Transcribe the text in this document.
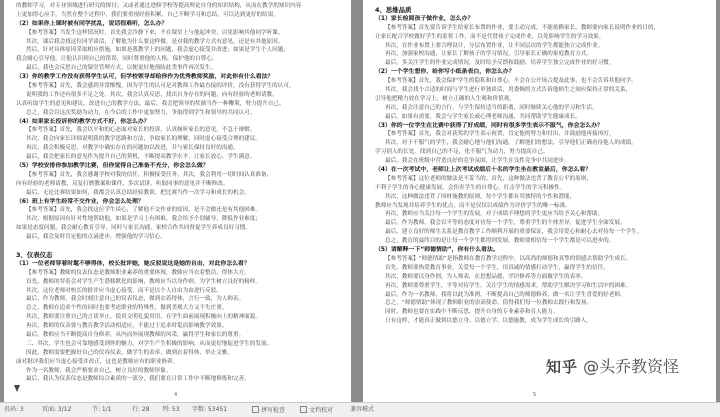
的教师学习，对专业领域进行研究的探讨；又或者通过进修学校等提高理论自身的知识结构，从而在教学的知识内容
上更加得心应手。当然在整个过程中，我们要重视经验积累，自己不断学习和总结，可以达到更好的结果。
（2）如果你上课时被有同学扰乱，说话很难听，怎么办？
【参考答案】当发生这样情况时，首先我会冷静下来，不在课堂上与他起冲突，以免影响其他同学听课。
其次，课后我会找这位同学谈话，了解他为什么要这样做，是对我的教学方式有意见，还是有其他原因。
然后，针对具体原因采取相应措施，如果是我教学上的问题，我会虚心接受并改进；如果是学生个人问题，
我会耐心引导他，让他认识到自己的错误，同时尊重他的人格，保护他的自尊心。
最后，我也会反思自己的课堂管理方式，以便更好地预防此类事件再次发生。
（3）你的教学工作没有获得学生认可，但学校领导却给你作为优秀教师奖励，对此你有什么看法？
【参考答案】首先，我会感到非常惭愧，因为学生的认可是对教师工作最直接的评价，没有获得学生的认可，
说明我的工作还有很多不足之处。其次，我会认真反思，找出自身存在的问题，向有经验的老师请教，
认真听取学生的意见和建议，改进自己的教学方法。最后，我会把领导的奖励当作一种鞭策，努力提升自己。
总之，我会以这次奖励为动力，在今后的工作中更加努力，争取得到学生和领导的共同认可。
（4）如果家长投诉你的教学方式不好，你怎么办？
【参考答案】首先，我会以平和的心态面对家长的投诉，认真倾听家长的意见，不急于辩解。
其次，我会向家长详细说明我的教学思路和方法，争取家长的理解，同时虚心接受合理的建议。
再次，我会积极反思，对教学中确实存在的问题加以改进，并与家长保持良好的沟通。
最后，我会把家长的意见作为提升自己的契机，不断提高教学水平，让家长放心、学生满意。
（5）学校安排你参加教学比赛，但你觉得自己准备不充分，你会怎么做？
【参考答案】首先，我会感谢学校对我的信任，积极接受任务。其次，我会利用一切时间认真准备，
向有经验的老师请教，反复打磨教案和课件，多次试讲，听取同事的意见并不断修改。
最后，无论比赛结果如何，我都会认真总结经验教训，把比赛当作一次学习和成长的机会。
（6）班上有学生经常不交作业，你会怎么处理？
【参考答案】首先，我会找这位学生谈心，了解他不交作业的原因，是不会做还是有其他困难。
其次，根据原因有针对性地帮助他，如果是学习上有困难，我会给予个别辅导，降低作业难度；
如果是态度问题，我会耐心教育引导，同时与家长沟通，家校合作共同督促学生养成良好习惯。
最后，我会及时肯定他的点滴进步，增强他的学习信心。
3、仪表仪态
（1）一位老师穿着时髦不够得体，校长批评她，她反驳说这是她的自由，对此你怎么看？
【参考答案】教师的仪表仪态是教师职业素养的重要体现，教师应当衣着整洁、得体大方。
首先，教师的穿着会对学生产生潜移默化的影响，教师应当以身作则，为学生树立良好的榜样。
其次，这位老师对校长的批评应当虚心接受，而不是以个人自由为由进行反驳。
最后，作为教师，我会时刻注意自己的仪表仪态，做到衣着得体，言行一致，为人师表。
总之，教师在追求个性的同时也要考虑职业的特殊性，做到美观大方又不失庄重。
其次，教师要注重自己的言谈举止，使用文明礼貌用语，在学生面前展现积极向上的精神面貌。
再次，教师的仪表要与教育教学活动相适应，不能过于追求时髦而影响教学效果。
最后，教师应当不断提高自身修养，从内而外展现教师的风采，赢得学生和家长的尊重。
三、其次，学生也会可靠地感受到你的魅力，对学生产生积极的影响，从而更好地促进学生的发展。
因此，教师需要把握好自己的仪容仪表，做学生的表率，做到衣着得体、举止文雅。
面对批评我们应当虚心接受并改正，这也是教师应有的职业修养。
作为一名教师，我会严格要求自己，树立良好的教师形象。
最后，我认为仪表仪态是教师综合素质的一部分，我们要在日常工作中不断地修炼和完善。
4
4、思维品质
（1）家长检阅孩子做作业，怎么办？
【参考答案】首先要告诉学生给家长布置的作业，要主动完成，不能依赖家长。教师要向家长说明作业的目的，
让家长配合学校做好学生的监督工作，而不是代替孩子完成作业，以免影响学生的学习效果。
其次，在作业布置上要合理设计，分层布置作业，让不同层次的学生都能独立完成作业。
再次，加强家校沟通，让家长了解孩子的学习情况，引导家长正确的家庭教育方式。
最后，多关注学生的作业完成情况，及时给予反馈和鼓励，培养学生独立完成作业的好习惯。
（2）一个学生想你，给你写小纸条表白，你怎么办？
【参考答案】首先，我会保护学生的隐私和自尊心，不会在公开场合提及此事，也不会告诉其他同学。
其次，我会找个合适的时间与学生进行单独谈话，用委婉的方式告诉他师生之间应保持正常的关系，
引导他把精力放在学习上，树立正确的人生观和价值观。
再次，我会注意自己的言行，与学生保持适当的距离，同时继续关心他的学习和生活。
最后，如果有需要，我会与学生家长或心理老师沟通，共同帮助学生健康成长。
（3）你的一位学生在比赛中获得了好成绩，同时有很多学生表示不服气，你会怎么办？
【参考答案】首先，我会对获奖的学生表示祝贺，肯定他的努力和付出，并鼓励他再接再厉。
其次，对于不服气的学生，我会耐心地与他们沟通，了解他们的想法，引导他们正确看待他人的成绩，
学习别人的长处，找到自己的不足，化不服气为动力，努力提高自己。
最后，我会在班级中营造良好的竞争氛围，让学生在良性竞争中共同进步。
（4）在一次考试中，老师让上次考试成绩后十名的学生坐在教室最后，你怎么看？
【参考答案】这位老师的做法是不妥当的。首先，这种做法违背了教育公平的原则，
不利于学生的身心健康发展，会伤害学生的自尊心，打击学生的学习积极性。
其次，这种做法违背了因材施教的原则，每个学生都有其独特的个性和潜能，
教师应当发现并培养学生的优点，而不是仅仅以成绩作为评价学生的唯一标准。
再次，教师应当关注每一个学生的发展，对于成绩不理想的学生更应当给予关心和帮助。
最后，作为教师，我会以平等的态度对待每一个学生，尊重学生的个体差异，促进学生全面发展。
最后，建立良好的师生关系是教育教学工作顺利开展的重要保证，我会用爱心和耐心去对待每一个学生。
总之，教育的最终目的是让每一个学生都得到发展，教师要相信每一个学生都是可以进步的。
（5）请解释一下“师德情助”，你有什么看法。
【参考答案】“师德情助”是指教师在教育教学过程中，以高尚的师德和真挚的情感去帮助学生成长。
首先，教师要热爱教育事业，关爱每一个学生，用真诚的情感打动学生，赢得学生的信任。
其次，教师要以身作则，为人师表，在思想品德、学识修养等方面做学生的表率。
再次，教师要尊重学生，平等对待学生，关注学生的情感需求，帮助学生解决学习和生活中的困难。
最后，作为一名教师，我将以此为准则，不断提高自己的师德修养，做一名让学生喜爱的好老师。
总之，“师德情助”体现了教师职业的崇高使命，值得我们每一位教师去践行和发扬。
同时，教师也要在实践中不断反思，提升自身的专业素养和育人能力。
只有这样，才能真正做到以德立身、以德立学、以德施教，成为学生成长的引路人。
5
知乎 @头乔教资怪
页码: 3	页面: 3/12	节: 1/1	行: 28 列: 53 字数: 53451	拼写检查	文档校对	兼容模式
